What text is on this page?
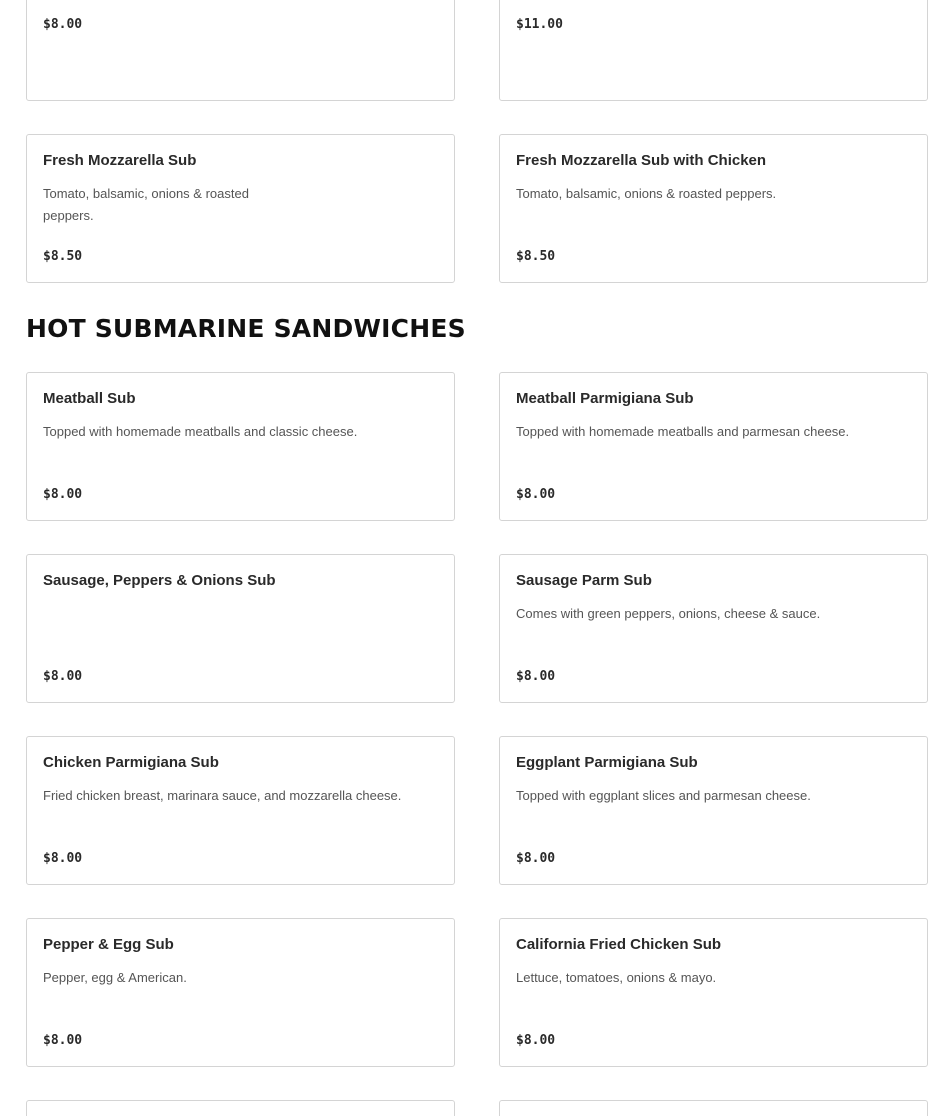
$8.00	$11.00
Fresh Mozzarella Sub
Tomato, balsamic, onions & roasted peppers.
$8.50
Fresh Mozzarella Sub with Chicken
Tomato, balsamic, onions & roasted peppers.
$8.50
HOT SUBMARINE SANDWICHES
Meatball Sub
Topped with homemade meatballs and classic cheese.
$8.00
Meatball Parmigiana Sub
Topped with homemade meatballs and parmesan cheese.
$8.00
Sausage, Peppers & Onions Sub
$8.00
Sausage Parm Sub
Comes with green peppers, onions, cheese & sauce.
$8.00
Chicken Parmigiana Sub
Fried chicken breast, marinara sauce, and mozzarella cheese.
$8.00
Eggplant Parmigiana Sub
Topped with eggplant slices and parmesan cheese.
$8.00
Pepper & Egg Sub
Pepper, egg & American.
$8.00
California Fried Chicken Sub
Lettuce, tomatoes, onions & mayo.
$8.00
